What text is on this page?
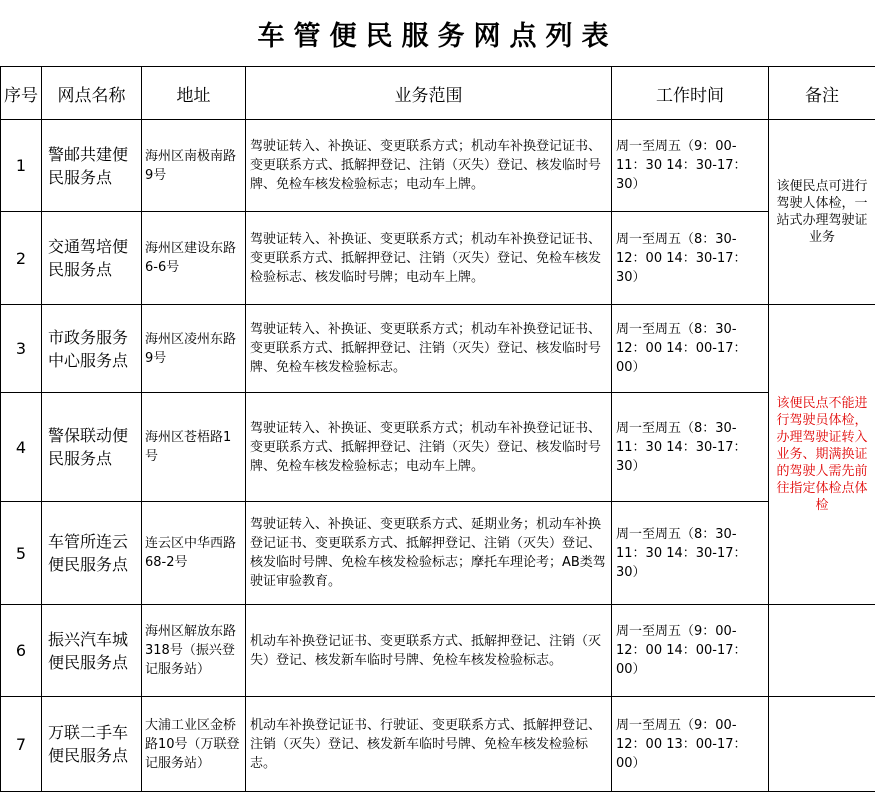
车管便民服务网点列表
序号	网点名称	地址	业务范围	工作时间	备注
1	警邮共建便民服务点	海州区南极南路9号	驾驶证转入、补换证、变更联系方式；机动车补换登记证书、变更联系方式、抵解押登记、注销（灭失）登记、核发临时号牌、免检车核发检验标志；电动车上牌。	周一至周五（9：00-11：30 14：30-17：30）	该便民点可进行驾驶人体检，一站式办理驾驶证业务
2	交通驾培便民服务点	海州区建设东路6-6号	驾驶证转入、补换证、变更联系方式；机动车补换登记证书、变更联系方式、抵解押登记、注销（灭失）登记、免检车核发检验标志、核发临时号牌；电动车上牌。	周一至周五（8：30-12：00 14：30-17：30）	
3	市政务服务中心服务点	海州区凌州东路9号	驾驶证转入、补换证、变更联系方式；机动车补换登记证书、变更联系方式、抵解押登记、注销（灭失）登记、核发临时号牌、免检车核发检验标志。	周一至周五（8：30-12：00 14：00-17：00）	该便民点不能进行驾驶员体检，办理驾驶证转入业务、期满换证的驾驶人需先前往指定体检点体检
4	警保联动便民服务点	海州区苍梧路1号	驾驶证转入、补换证、变更联系方式；机动车补换登记证书、变更联系方式、抵解押登记、注销（灭失）登记、核发临时号牌、免检车核发检验标志；电动车上牌。	周一至周五（8：30-11：30 14：30-17：30）	
5	车管所连云便民服务点	连云区中华西路68-2号	驾驶证转入、补换证、变更联系方式、延期业务；机动车补换登记证书、变更联系方式、抵解押登记、注销（灭失）登记、核发临时号牌、免检车核发检验标志；摩托车理论考；AB类驾驶证审验教育。	周一至周五（8：30-11：30 14：30-17：30）	
6	振兴汽车城便民服务点	海州区解放东路318号（振兴登记服务站）	机动车补换登记证书、变更联系方式、抵解押登记、注销（灭失）登记、核发新车临时号牌、免检车核发检验标志。	周一至周五（9：00-12：00 14：00-17：00）	
7	万联二手车便民服务点	大浦工业区金桥路10号（万联登记服务站）	机动车补换登记证书、行驶证、变更联系方式、抵解押登记、注销（灭失）登记、核发新车临时号牌、免检车核发检验标志。	周一至周五（9：00-12：00 13：00-17：00）	
